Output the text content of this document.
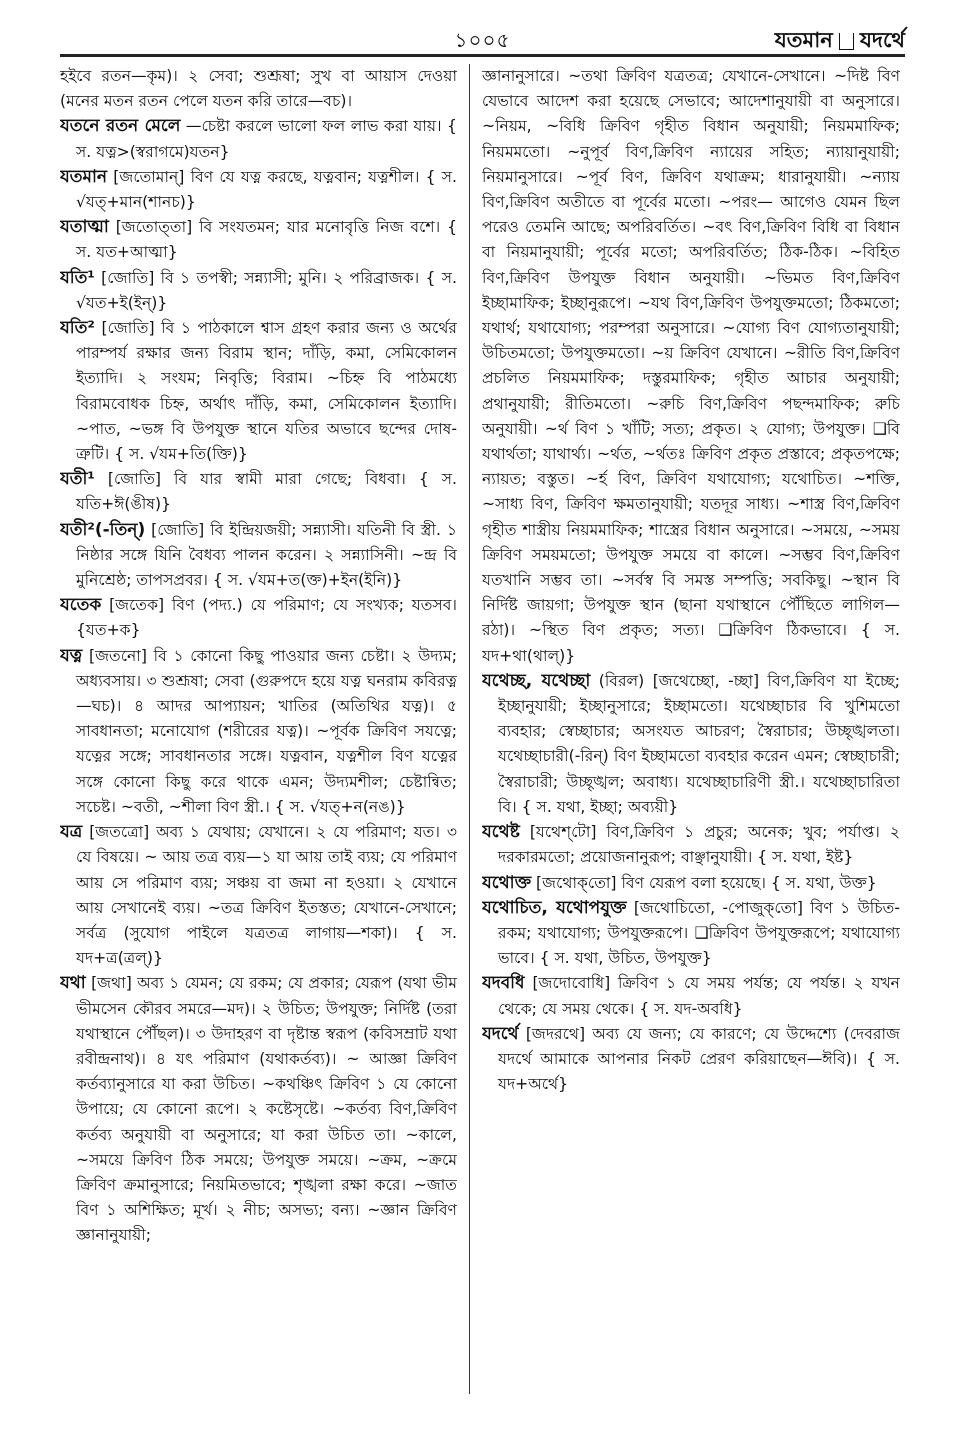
১০০৫	যতমান যদর্থে

হইবে রতন—কৃম)। ২ সেবা; শুশ্রূষা; সুখ বা আয়াস দেওয়া (মনের মতন রতন পেলে যতন করি তারে—বচ)।

যতনে রতন মেলে —চেষ্টা করলে ভালো ফল লাভ করা যায়। { স. যত্ন>(স্বরাগমে)যতন}

যতমান [জতোমান্] বিণ যে যত্ন করছে, যত্নবান; যত্নশীল। { স. √যত্+মান(শানচ)}

যতাত্মা [জতোত্‌তা] বি সংযতমন; যার মনোবৃত্তি নিজ বশে। { স. যত+আত্মা}

যতি¹ [জোতি] বি ১ তপস্বী; সন্ন্যাসী; মুনি। ২ পরিব্রাজক। { স. √যত+ই(ইন্)}

যতি² [জোতি] বি ১ পাঠকালে শ্বাস গ্রহণ করার জন্য ও অর্থের পারম্পর্য রক্ষার জন্য বিরাম স্থান; দাঁড়ি, কমা, সেমিকোলন ইত্যাদি। ২ সংযম; নিবৃত্তি; বিরাম। ~চিহ্ন বি পাঠমধ্যে বিরামবোধক চিহ্ন, অর্থাৎ দাঁড়ি, কমা, সেমিকোলন ইত্যাদি। ~পাত, ~ভঙ্গ বি উপযুক্ত স্থানে যতির অভাবে ছন্দের দোষ-ত্রুটি। { স. √যম+তি(ক্তি)}

যতী¹ [জোতি] বি যার স্বামী মারা গেছে; বিধবা। { স. যতি+ঈ(ঙীষ)}

যতী²(-তিন্) [জোতি] বি ইন্দ্রিয়জয়ী; সন্ন্যাসী। যতিনী বি স্ত্রী. ১ নিষ্ঠার সঙ্গে যিনি বৈধব্য পালন করেন। ২ সন্ন্যাসিনী। ~ন্দ্র বি মুনিশ্রেষ্ঠ; তাপসপ্রবর। { স. √যম+ত(ক্ত)+ইন(ইনি)}

যতেক [জতেক] বিণ (পদ্য.) যে পরিমাণ; যে সংখ্যক; যতসব। {যত+ক}

যত্ন [জতনো] বি ১ কোনো কিছু পাওয়ার জন্য চেষ্টা। ২ উদ্যম; অধ্যবসায়। ৩ শুশ্রূষা; সেবা (গুরুপদে হয়ে যত্ন ঘনরাম কবিরত্ন—ঘচ)। ৪ আদর আপ্যায়ন; খাতির (অতিথির যত্ন)। ৫ সাবধানতা; মনোযোগ (শরীরের যত্ন)। ~পূর্বক ক্রিবিণ সযত্নে; যত্নের সঙ্গে; সাবধানতার সঙ্গে। যত্নবান, যত্নশীল বিণ যত্নের সঙ্গে কোনো কিছু করে থাকে এমন; উদ্যমশীল; চেষ্টান্বিত; সচেষ্ট। ~বতী, ~শীলা বিণ স্ত্রী.। { স. √যত্+ন(নঙ)}

যত্র [জতত্রো] অব্য ১ যেথায়; যেখানে। ২ যে পরিমাণ; যত। ৩ যে বিষয়ে। ~ আয় তত্র ব্যয়—১ যা আয় তাই ব্যয়; যে পরিমাণ আয় সে পরিমাণ ব্যয়; সঞ্চয় বা জমা না হওয়া। ২ যেখানে আয় সেখানেই ব্যয়। ~তত্র ক্রিবিণ ইতস্তত; যেখানে-সেখানে; সর্বত্র (সুযোগ পাইলে যত্রতত্র লাগায়—শকা)। { স. যদ+ত্র(ত্রল্)}

যথা [জথা] অব্য ১ যেমন; যে রকম; যে প্রকার; যেরূপ (যথা ভীম ভীমসেন কৌরব সমরে—মদ)। ২ উচিত; উপযুক্ত; নির্দিষ্ট (তরা যথাস্থানে পৌঁছল)। ৩ উদাহরণ বা দৃষ্টান্ত স্বরূপ (কবিসম্রাট যথা রবীন্দ্রনাথ)। ৪ যৎ পরিমাণ (যথাকর্তব্য)। ~ আজ্ঞা ক্রিবিণ কর্তব্যানুসারে যা করা উচিত। ~কথঞ্চিৎ ক্রিবিণ ১ যে কোনো উপায়ে; যে কোনো রূপে। ২ কষ্টেসৃষ্টে। ~কর্তব্য বিণ,ক্রিবিণ কর্তব্য অনুযায়ী বা অনুসারে; যা করা উচিত তা। ~কালে, ~সময়ে ক্রিবিণ ঠিক সময়ে; উপযুক্ত সময়ে। ~ক্রম, ~ক্রমে ক্রিবিণ ক্রমানুসারে; নিয়মিতভাবে; শৃঙ্খলা রক্ষা করে। ~জাত বিণ ১ অশিক্ষিত; মূর্খ। ২ নীচ; অসভ্য; বন্য। ~জ্ঞান ক্রিবিণ জ্ঞানানুযায়ী;

জ্ঞানানুসারে। ~তথা ক্রিবিণ যত্রতত্র; যেখানে-সেখানে। ~দিষ্ট বিণ যেভাবে আদেশ করা হয়েছে সেভাবে; আদেশানুযায়ী বা অনুসারে। ~নিয়ম, ~বিধি ক্রিবিণ গৃহীত বিধান অনুযায়ী; নিয়মমাফিক; নিয়মমতো। ~নুপূর্ব বিণ,ক্রিবিণ ন্যায়ের সহিত; ন্যায়ানুযায়ী; নিয়মানুসারে। ~পূর্ব বিণ, ক্রিবিণ যথাক্রম; ধারানুযায়ী। ~ন্যায় বিণ,ক্রিবিণ অতীতে বা পূর্বের মতো। ~পরং— আগেও যেমন ছিল পরেও তেমনি আছে; অপরিবর্তিত। ~বৎ বিণ,ক্রিবিণ বিধি বা বিধান বা নিয়মানুযায়ী; পূর্বের মতো; অপরিবর্তিত; ঠিক-ঠিক। ~বিহিত বিণ,ক্রিবিণ উপযুক্ত বিধান অনুযায়ী। ~ভিমত বিণ,ক্রিবিণ ইচ্ছামাফিক; ইচ্ছানুরূপে। ~যথ বিণ,ক্রিবিণ উপযুক্তমতো; ঠিকমতো; যথার্থ; যথাযোগ্য; পরম্পরা অনুসারে। ~যোগ্য বিণ যোগ্যতানুযায়ী; উচিতমতো; উপযুক্তমতো। ~য় ক্রিবিণ যেখানে। ~রীতি বিণ,ক্রিবিণ প্রচলিত নিয়মমাফিক; দস্তুরমাফিক; গৃহীত আচার অনুযায়ী; প্রথানুযায়ী; রীতিমতো। ~রুচি বিণ,ক্রিবিণ পছন্দমাফিক; রুচি অনুযায়ী। ~র্থ বিণ ১ খাঁটি; সত্য; প্রকৃত। ২ যোগ্য; উপযুক্ত। ❑বি যথার্থতা; যাথার্থ্য। ~র্থত, ~র্থতঃ ক্রিবিণ প্রকৃত প্রস্তাবে; প্রকৃতপক্ষে; ন্যায়ত; বস্তুত। ~র্হ বিণ, ক্রিবিণ যথাযোগ্য; যথোচিত। ~শক্তি, ~সাধ্য বিণ, ক্রিবিণ ক্ষমতানুযায়ী; যতদূর সাধ্য। ~শাস্ত্র বিণ,ক্রিবিণ গৃহীত শাস্ত্রীয় নিয়মমাফিক; শাস্ত্রের বিধান অনুসারে। ~সময়ে, ~সময় ক্রিবিণ সময়মতো; উপযুক্ত সময়ে বা কালে। ~সম্ভব বিণ,ক্রিবিণ যতখানি সম্ভব তা। ~সর্বস্ব বি সমস্ত সম্পত্তি; সবকিছু। ~স্থান বি নির্দিষ্ট জায়গা; উপযুক্ত স্থান (ছানা যথাস্থানে পৌঁছিতে লাগিল—রঠা)। ~স্থিত বিণ প্রকৃত; সত্য। ❑ক্রিবিণ ঠিকভাবে। { স. যদ+থা(থাল্)}

যথেচ্ছ, যথেচ্ছা (বিরল) [জথেচ্ছো, -চ্ছা] বিণ,ক্রিবিণ যা ইচ্ছে; ইচ্ছানুযায়ী; ইচ্ছানুসারে; ইচ্ছামতো। যথেচ্ছাচার বি খুশিমতো ব্যবহার; স্বেচ্ছাচার; অসংযত আচরণ; স্বৈরাচার; উচ্ছৃঙ্খলতা। যথেচ্ছাচারী(-রিন্) বিণ ইচ্ছামতো ব্যবহার করেন এমন; স্বেচ্ছাচারী; স্বৈরাচারী; উচ্ছৃঙ্খল; অবাধ্য। যথেচ্ছাচারিণী স্ত্রী.। যথেচ্ছাচারিতা বি। { স. যথা, ইচ্ছা; অব্যয়ী}

যথেষ্ট [যথেশ্‌টো] বিণ,ক্রিবিণ ১ প্রচুর; অনেক; খুব; পর্যাপ্ত। ২ দরকারমতো; প্রয়োজনানুরূপ; বাঞ্ছানুযায়ী। { স. যথা, ইষ্ট}

যথোক্ত [জথোক্‌তো] বিণ যেরূপ বলা হয়েছে। { স. যথা, উক্ত}

যথোচিত, যথোপযুক্ত [জথোচিতো, -পোজুক্‌তো] বিণ ১ উচিত-রকম; যথাযোগ্য; উপযুক্তরূপে। ❑ক্রিবিণ উপযুক্তরূপে; যথাযোগ্য ভাবে। { স. যথা, উচিত, উপযুক্ত}

যদবধি [জদোবোধি] ক্রিবিণ ১ যে সময় পর্যন্ত; যে পর্যন্ত। ২ যখন থেকে; যে সময় থেকে। { স. যদ-অবধি}

যদর্থে [জদরথে] অব্য যে জন্য; যে কারণে; যে উদ্দেশ্যে (দেবরাজ যদর্থে আমাকে আপনার নিকট প্রেরণ করিয়াছেন—ঈবি)। { স. যদ+অর্থে}
